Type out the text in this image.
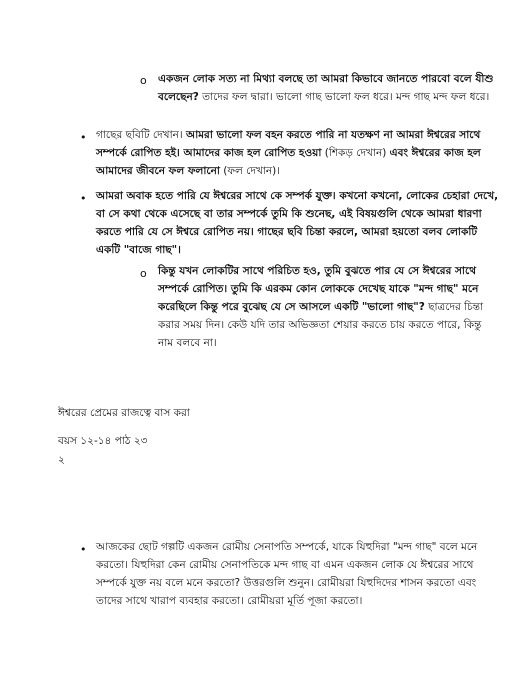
o একজন লোক সত্য না মিথ্যা বলছে তা আমরা কিভাবে জানতে পারবো বলে যীশু বলেছেন? তাদের ফল দ্বারা। ভালো গাছ ভালো ফল ধরে। মন্দ গাছ মন্দ ফল ধরে।

• গাছের ছবিটি দেখান। আমরা ভালো ফল বহন করতে পারি না যতক্ষণ না আমরা ঈশ্বরের সাথে সম্পর্কে রোপিত হই। আমাদের কাজ হল রোপিত হওয়া (শিকড় দেখান) এবং ঈশ্বরের কাজ হল আমাদের জীবনে ফল ফলানো (ফল দেখান)।

• আমরা অবাক হতে পারি যে ঈশ্বরের সাথে কে সম্পর্ক যুক্ত। কখনো কখনো, লোকের চেহারা দেখে, বা সে কথা থেকে এসেছে বা তার সম্পর্কে তুমি কি শুনেছ, এই বিষয়গুলি থেকে আমরা ধারণা করতে পারি যে সে ঈশ্বরে রোপিত নয়। গাছের ছবি চিন্তা করলে, আমরা হয়তো বলব লোকটি একটি "বাজে গাছ"।

o কিন্তু যখন লোকটির সাথে পরিচিত হও, তুমি বুঝতে পার যে সে ঈশ্বরের সাথে সম্পর্কে রোপিত। তুমি কি এরকম কোন লোককে দেখেছ যাকে "মন্দ গাছ" মনে করেছিলে কিন্তু পরে বুঝেছ যে সে আসলে একটি "ভালো গাছ"? ছাত্রদের চিন্তা করার সময় দিন। কেউ যদি তার অভিজ্ঞতা শেয়ার করতে চায় করতে পারে, কিন্তু নাম বলবে না।

ঈশ্বরের প্রেমের রাজত্বে বাস করা

বয়স ১২-১৪ পাঠ ২৩

২

• আজকের ছোট গল্পটি একজন রোমীয় সেনাপতি সম্পর্কে, যাকে যিহুদিরা "মন্দ গাছ" বলে মনে করতো। যিহুদিরা কেন রোমীয় সেনাপতিকে মন্দ গাছ বা এমন একজন লোক যে ঈশ্বরের সাথে সম্পর্কে যুক্ত নয় বলে মনে করতো? উত্তরগুলি শুনুন। রোমীয়রা যিহুদিদের শাসন করতো এবং তাদের সাথে খারাপ ব্যবহার করতো। রোমীয়রা মূর্তি পূজা করতো।
